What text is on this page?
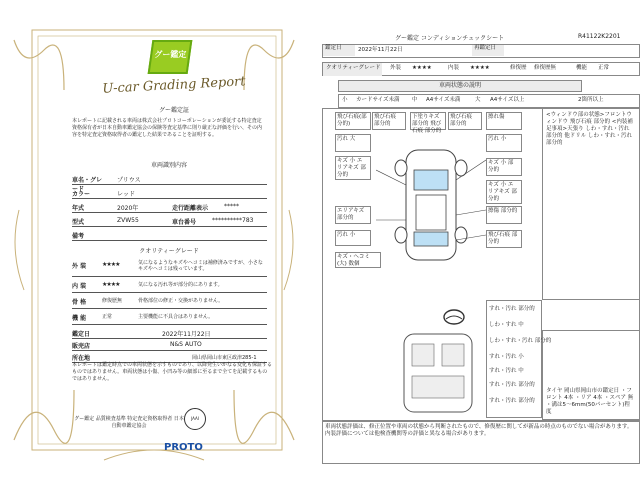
グー鑑定
U-car Grading Report
グー鑑定証
本レポートに記載される車両は株式会社プロトコーポレーションが委託する特定査定資格保有者が日本自動車鑑定協会の保険等査定基準に則り厳正な評価を行い、その内容を特定査定資格取得者の鑑定した結果であることを証明する。
車両識別内容
車名・グレード
プリウス
カラー	レッド
年式	2020年	走行距離表示	*****
型式	ZVW55	車台番号	**********783
備考
クオリティーグレード
外 装	★★★★	気になるようなキズやヘコミは補修済みですが、小さなキズやヘコミは残っています。
内 装	★★★★	気になる汚れ等が部分的にあります。
骨 格	修復歴無	骨格部位の修正・交換がありません。
機 能	正常	主要機能に不具合はありません。
鑑定日	2022年11月22日
販売店	N&S AUTO
所在地	岡山県岡山市東区政津285-1
本レポートは鑑定時点での車両状態を示すものであり、以降発生いかなる変化も保証するものではありません。車両状態は小傷、小凹み等の細部に至るまで全てを記載するものではありません。
グー鑑定 品質検査基準 特定査定資格取得者 日本自動車鑑定協会
JAAI
PROTO
グー鑑定 コンディションチェックシート	R41122K2201
鑑定日	2022年11月22日	再鑑定日
クオリティーグレード 外装 ★★★★	内装 ★★★★	修復歴 修復歴無	機能 正常
車両状態の説明
小 カードサイズ未満 中 A4サイズ未満	大 A4サイズ以上	2箇所以上
<ウィンドウ部の状態>フロントウィンドウ 飛び石痕 部分的 <内装補足事項>天張り しわ・すれ・汚れ 部分的 他ドリル しわ・すれ・汚れ 部分的
飛び石痕(部分的)
汚れ 大
キズ 小 エリアキズ 部分的
エリアキズ 部分的
汚れ 小
キズ・ヘコミ(大) 数個
飛び石痕 部分的
下塗りキズ 部分的 飛び石痕 部分的
飛び石痕 部分的
擦れ傷
汚れ 小
キズ 小 部分的
キズ 小 エリアキズ 部分的
擦傷 部分的
飛び石痕 部分的
すれ・汚れ 部分的
しわ・すれ 中
しわ・すれ・汚れ 部分的
すれ・汚れ 小
すれ・汚れ 中
すれ・汚れ 部分的
すれ・汚れ 部分的
タイヤ 岡山県岡山市の鑑定日 ・フロント 4本 ・リア 4本 ・スペア 無 ・溝は5～6mm(50パーセント)程度
車両状態評価は、修正位置や車両の状態から判断されたもので、修復歴に関してが新品の時点のものでない場合があります。内装評価については他検査機関等の評価と異なる場合があります。
